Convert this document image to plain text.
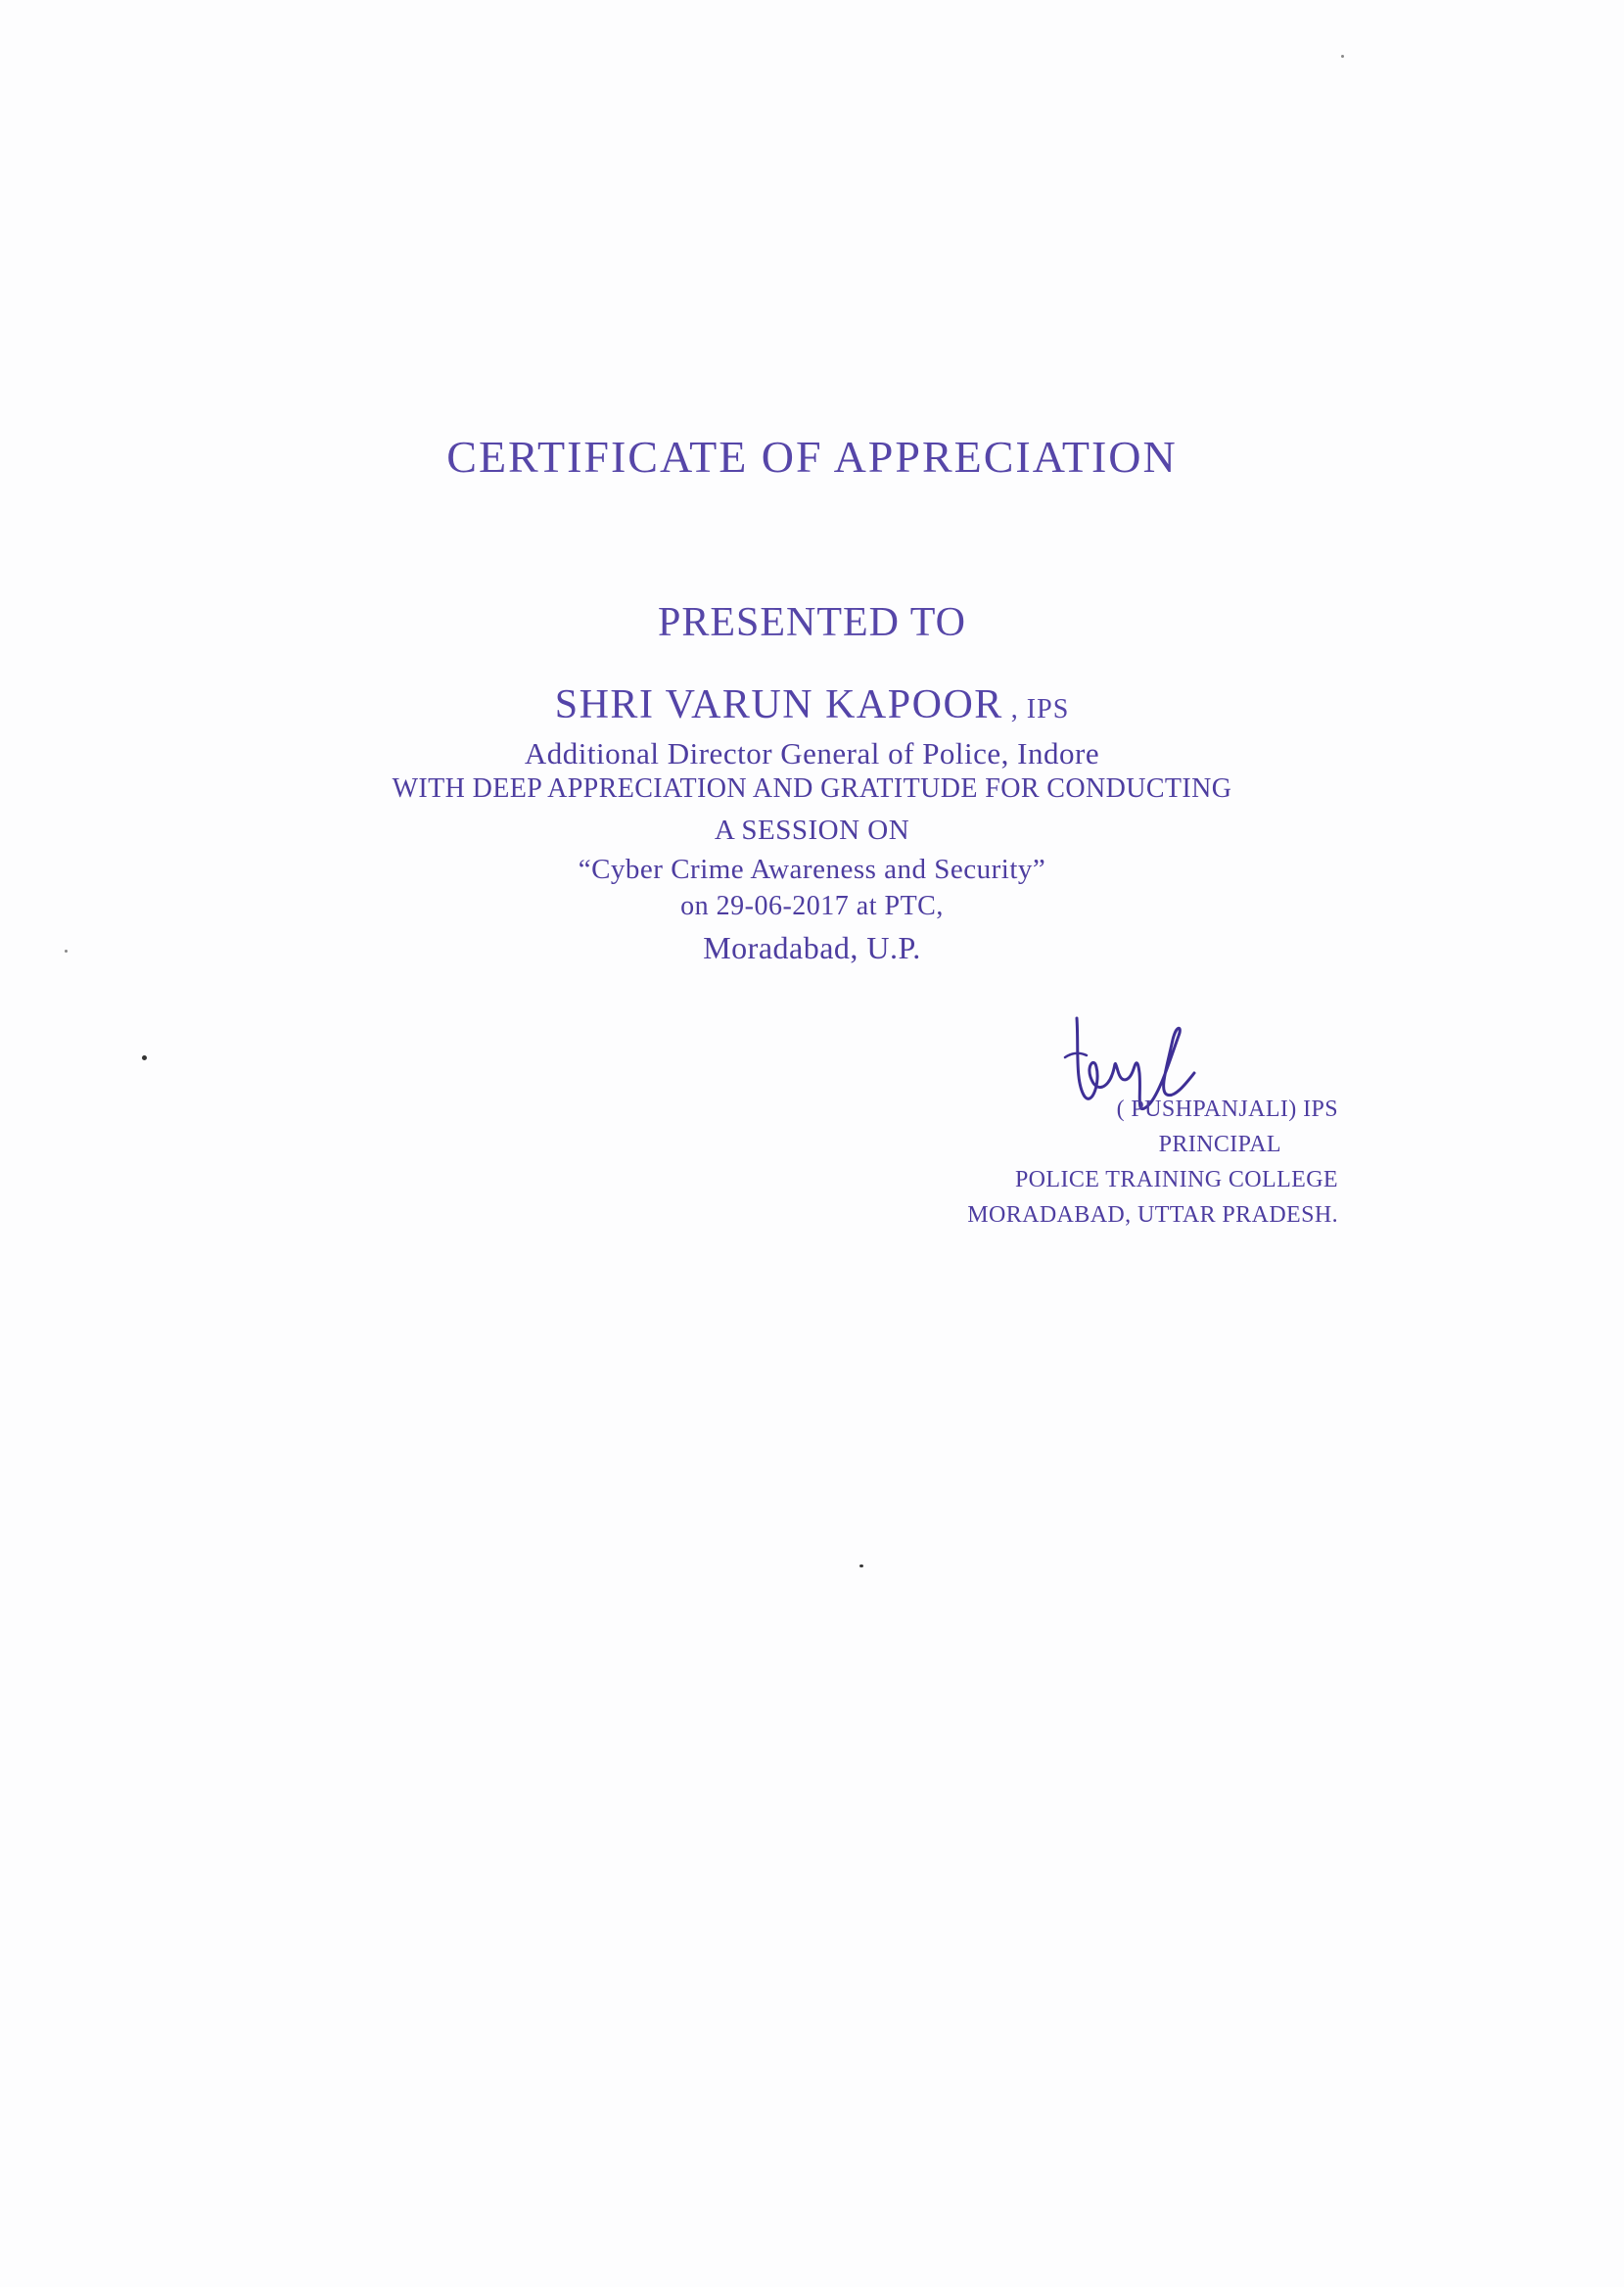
CERTIFICATE OF APPRECIATION
PRESENTED TO
SHRI VARUN KAPOOR , IPS
Additional Director General of Police, Indore
WITH DEEP APPRECIATION AND GRATITUDE FOR CONDUCTING
A SESSION ON
“Cyber Crime Awareness and Security”
on 29-06-2017 at PTC,
Moradabad, U.P.
( PUSHPANJALI) IPS
PRINCIPAL
POLICE TRAINING COLLEGE
MORADABAD, UTTAR PRADESH.
